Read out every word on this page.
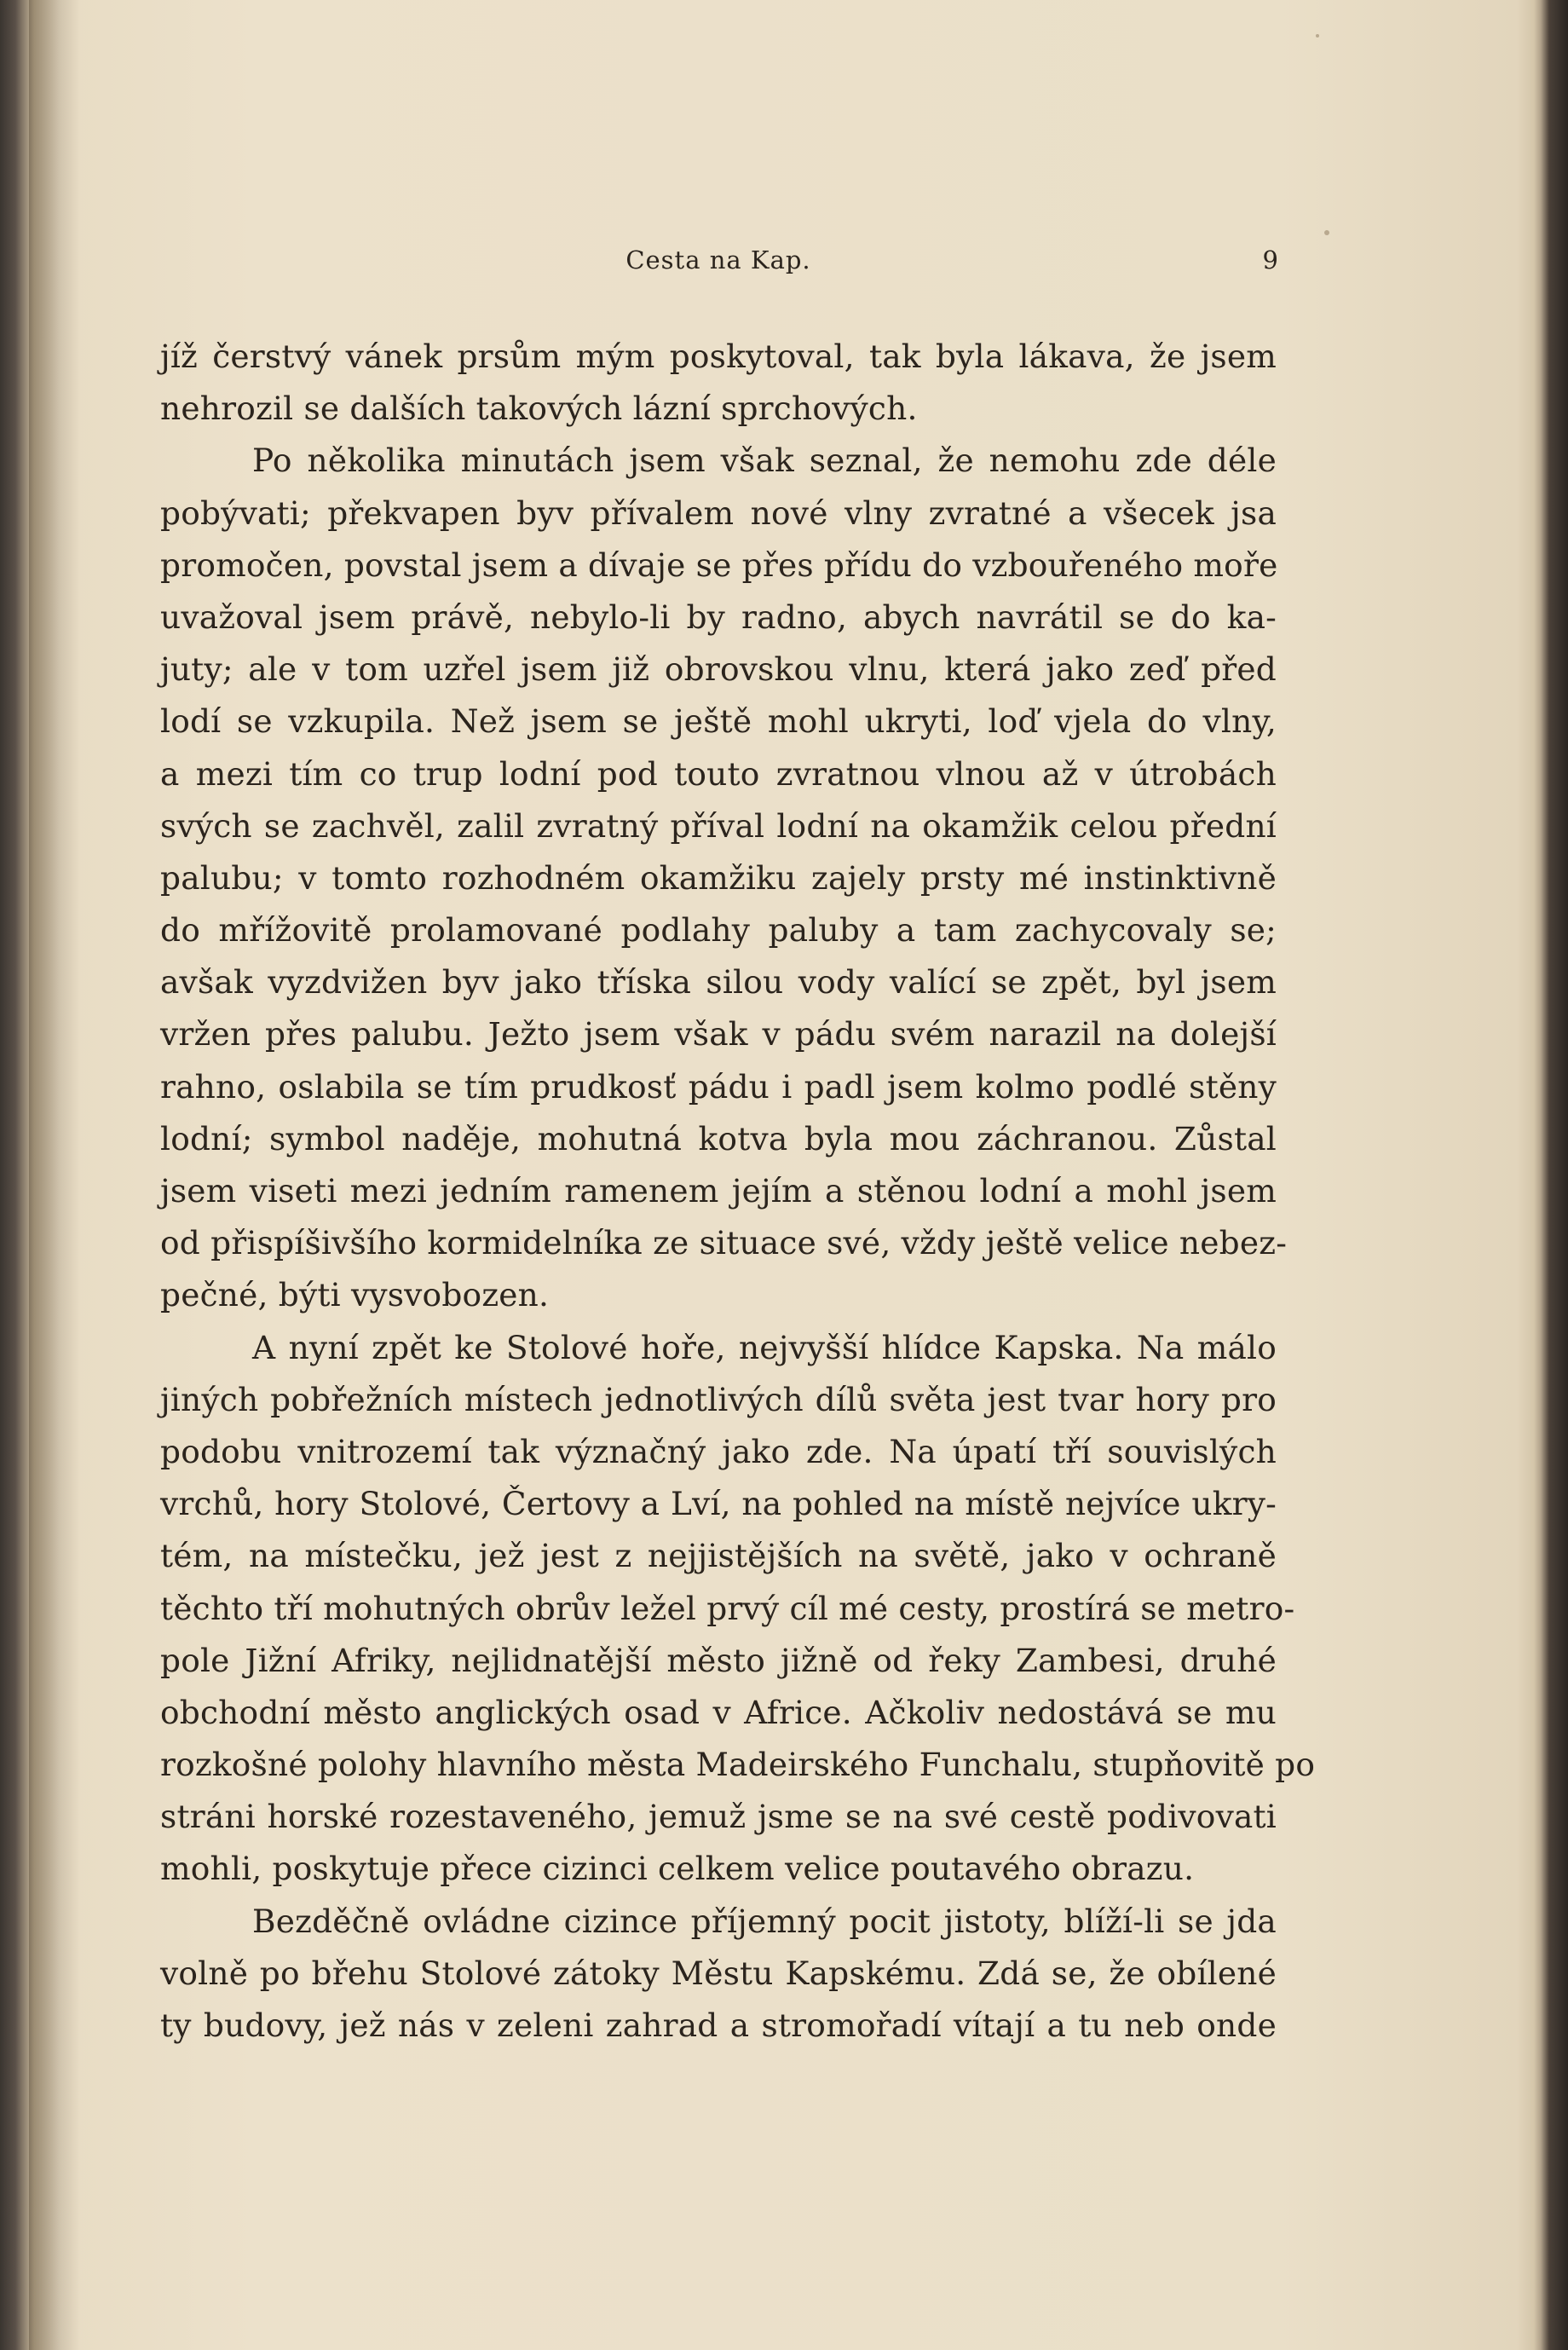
Cesta na Kap.	9
jíž čerstvý vánek prsům mým poskytoval, tak byla lákava, že jsem
nehrozil se dalších takových lázní sprchových.
Po několika minutách jsem však seznal, že nemohu zde déle
pobývati; překvapen byv přívalem nové vlny zvratné a všecek jsa
promočen, povstal jsem a dívaje se přes přídu do vzbouřeného moře
uvažoval jsem právě, nebylo-li by radno, abych navrátil se do ka-
juty; ale v tom uzřel jsem již obrovskou vlnu, která jako zeď před
lodí se vzkupila. Než jsem se ještě mohl ukryti, loď vjela do vlny,
a mezi tím co trup lodní pod touto zvratnou vlnou až v útrobách
svých se zachvěl, zalil zvratný příval lodní na okamžik celou přední
palubu; v tomto rozhodném okamžiku zajely prsty mé instinktivně
do mřížovitě prolamované podlahy paluby a tam zachycovaly se;
avšak vyzdvižen byv jako tříska silou vody valící se zpět, byl jsem
vržen přes palubu. Ježto jsem však v pádu svém narazil na dolejší
rahno, oslabila se tím prudkosť pádu i padl jsem kolmo podlé stěny
lodní; symbol naděje, mohutná kotva byla mou záchranou. Zůstal
jsem viseti mezi jedním ramenem jejím a stěnou lodní a mohl jsem
od přispíšivšího kormidelníka ze situace své, vždy ještě velice nebez-
pečné, býti vysvobozen.
A nyní zpět ke Stolové hoře, nejvyšší hlídce Kapska. Na málo
jiných pobřežních místech jednotlivých dílů světa jest tvar hory pro
podobu vnitrozemí tak význačný jako zde. Na úpatí tří souvislých
vrchů, hory Stolové, Čertovy a Lví, na pohled na místě nejvíce ukry-
tém, na místečku, jež jest z nejjistějších na světě, jako v ochraně
těchto tří mohutných obrův ležel prvý cíl mé cesty, prostírá se metro-
pole Jižní Afriky, nejlidnatější město jižně od řeky Zambesi, druhé
obchodní město anglických osad v Africe. Ačkoliv nedostává se mu
rozkošné polohy hlavního města Madeirského Funchalu, stupňovitě po
stráni horské rozestaveného, jemuž jsme se na své cestě podivovati
mohli, poskytuje přece cizinci celkem velice poutavého obrazu.
Bezděčně ovládne cizince příjemný pocit jistoty, blíží-li se jda
volně po břehu Stolové zátoky Městu Kapskému. Zdá se, že obílené
ty budovy, jež nás v zeleni zahrad a stromořadí vítají a tu neb onde
